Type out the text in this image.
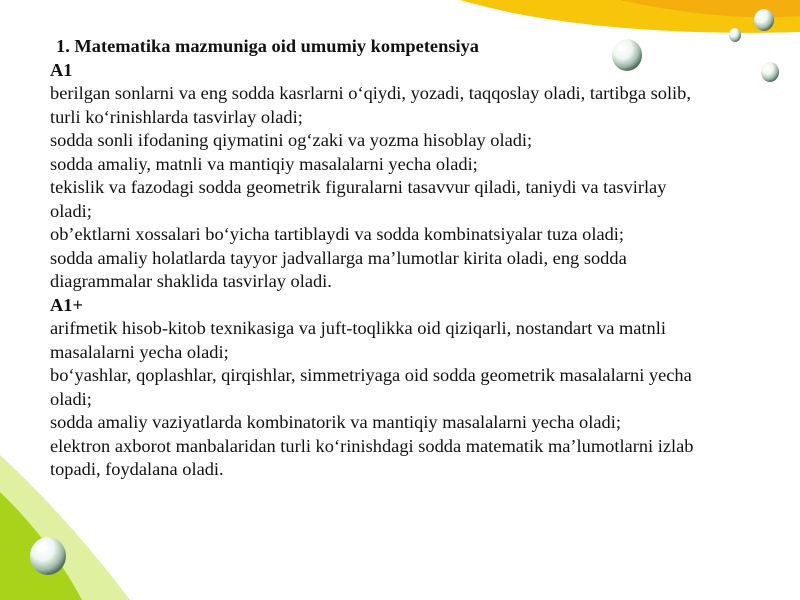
1. Matematika mazmuniga oid umumiy kompetensiya

A1

berilgan sonlarni va eng sodda kasrlarni o‘qiydi, yozadi, taqqoslay oladi, tartibga solib,

turli ko‘rinishlarda tasvirlay oladi;

sodda sonli ifodaning qiymatini og‘zaki va yozma hisoblay oladi;

sodda amaliy, matnli va mantiqiy masalalarni yecha oladi;

tekislik va fazodagi sodda geometrik figuralarni tasavvur qiladi, taniydi va tasvirlay

oladi;

ob’ektlarni xossalari bo‘yicha tartiblaydi va sodda kombinatsiyalar tuza oladi;

sodda amaliy holatlarda tayyor jadvallarga ma’lumotlar kirita oladi, eng sodda

diagrammalar shaklida tasvirlay oladi.

A1+

arifmetik hisob-kitob texnikasiga va juft-toqlikka oid qiziqarli, nostandart va matnli

masalalarni yecha oladi;

bo‘yashlar, qoplashlar, qirqishlar, simmetriyaga oid sodda geometrik masalalarni yecha

oladi;

sodda amaliy vaziyatlarda kombinatorik va mantiqiy masalalarni yecha oladi;

elektron axborot manbalaridan turli ko‘rinishdagi sodda matematik ma’lumotlarni izlab

topadi, foydalana oladi.
